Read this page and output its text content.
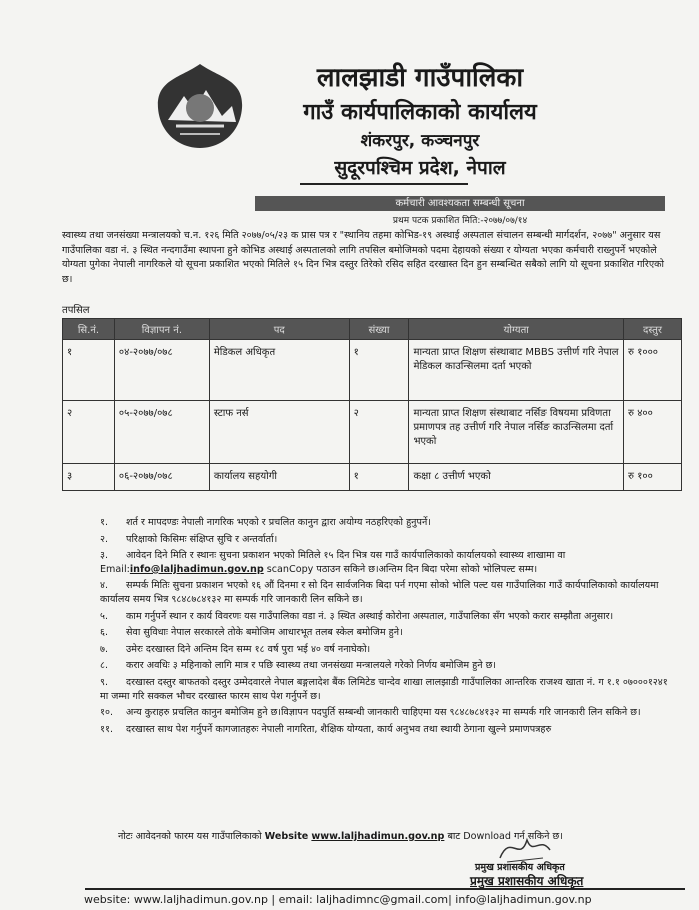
लालझाडी गाउँपालिका
गाउँ कार्यपालिकाको कार्यालय
शंकरपुर, कञ्चनपुर
सुदूरपश्चिम प्रदेश, नेपाल
कर्मचारी आवश्यकता सम्बन्धी सूचना
प्रथम पटक प्रकाशित मिति:-२०७७/०७/१४
स्वास्थ्य तथा जनसंख्या मन्त्रालयको च.न. १२६ मिति २०७७/०५/२३ क प्रास पत्र र "स्थानिय तहमा कोभिड-१९ अस्थाई अस्पताल संचालन सम्बन्धी मार्गदर्शन, २०७७" अनुसार यस गाउँपालिका वडा नं. ३ स्थित नन्दगाउँमा स्थापना हुने कोभिड अस्थाई अस्पतालको लागि तपसिल बमोजिमको पदमा देहायको संख्या र योग्यता भएका कर्मचारी राख्नुपर्ने भएकोले योग्यता पुगेका नेपाली नागरिकले यो सूचना प्रकाशित भएको मितिले १५ दिन भित्र दस्तुर तिरेको रसिद सहित दरखास्त दिन हुन सम्बन्धित सबैको लागि यो सूचना प्रकाशित गरिएको छ।
तपसिल
सि.नं.	विज्ञापन नं.	पद	संख्या	योग्यता	दस्तुर
१	०४-२०७७/०७८	मेडिकल अधिकृत	१	मान्यता प्राप्त शिक्षण संस्थाबाट MBBS उत्तीर्ण गरि नेपाल मेडिकल काउन्सिलमा दर्ता भएको	रु १०००
२	०५-२०७७/०७८	स्टाफ नर्स	२	मान्यता प्राप्त शिक्षण संस्थाबाट नर्सिङ विषयमा प्रविणता प्रमाणपत्र तह उत्तीर्ण गरि नेपाल नर्सिङ काउन्सिलमा दर्ता भएको	रु ४००
३	०६-२०७७/०७८	कार्यालय सहयोगी	१	कक्षा ८ उत्तीर्ण भएको	रु १००
१. शर्त र मापदण्डः नेपाली नागरिक भएको र प्रचलित कानुन द्वारा अयोग्य नठहरिएको हुनुपर्ने।
२. परिक्षाको किसिमः संक्षिप्त सुचि र अन्तर्वार्ता।
३. आवेदन दिने मिति र स्थानः सुचना प्रकाशन भएको मितिले १५ दिन भित्र यस गाउँ कार्यपालिकाको कार्यालयको स्वास्थ्य शाखामा वा Email:info@laljhadimun.gov.np scanCopy पठाउन सकिने छ।अन्तिम दिन बिदा परेमा सोको भोलिपल्ट सम्म।
४. सम्पर्क मितिः सुचना प्रकाशन भएको १६ औं दिनमा र सो दिन सार्वजनिक बिदा पर्न गएमा सोको भोलि पल्ट यस गाउँपालिका गाउँ कार्यपालिकाको कार्यालयमा कार्यालय समय भित्र ९८४८७८४१३२ मा सम्पर्क गरि जानकारी लिन सकिने छ।
५. काम गर्नुपर्ने स्थान र कार्य विवरणः यस गाउँपालिका वडा नं. ३ स्थित अस्थाई कोरोना अस्पताल, गाउँपालिका सँग भएको करार सम्झौता अनुसार।
६. सेवा सुविधाः नेपाल सरकारले तोके बमोजिम आधारभूत तलब स्केल बमोजिम हुने।
७. उमेरः दरखास्त दिने अन्तिम दिन सम्म १८ वर्ष पुरा भई ४० वर्ष ननाघेको।
८. करार अवधिः ३ महिनाको लागि मात्र र पछि स्वास्थ्य तथा जनसंख्या मन्त्रालयले गरेको निर्णय बमोजिम हुने छ।
९. दरखास्त दस्तुर बाफतको दस्तुर उम्मेदवारले नेपाल बङ्गलादेश बैंक लिमिटेड चान्देव शाखा लालझाडी गाउँपालिका आन्तरिक राजश्व खाता नं. ग १.१ ०७०००१२४१ मा जम्मा गरि सक्कल भौचर दरखास्त फारम साथ पेश गर्नुपर्ने छ।
१०. अन्य कुराहरु प्रचलित कानुन बमोजिम हुने छ।विज्ञापन पदपुर्ति सम्बन्धी जानकारी चाहिएमा यस ९८४८७८४१३२ मा सम्पर्क गरि जानकारी लिन सकिने छ।
११. दरखास्त साथ पेश गर्नुपर्ने कागजातहरुः नेपाली नागरिता, शैक्षिक योग्यता, कार्य अनुभव तथा स्थायी ठेगाना खुल्ने प्रमाणपत्रहरु
नोटः आवेदनको फारम यस गाउँपालिकाको Website www.laljhadimun.gov.np बाट Download गर्न सकिने छ।
प्रमुख प्रशासकीय अधिकृत
प्रमुख प्रशासकीय अधिकृत
website: www.laljhadimun.gov.np | email: laljhadimnc@gmail.com| info@laljhadimun.gov.np
